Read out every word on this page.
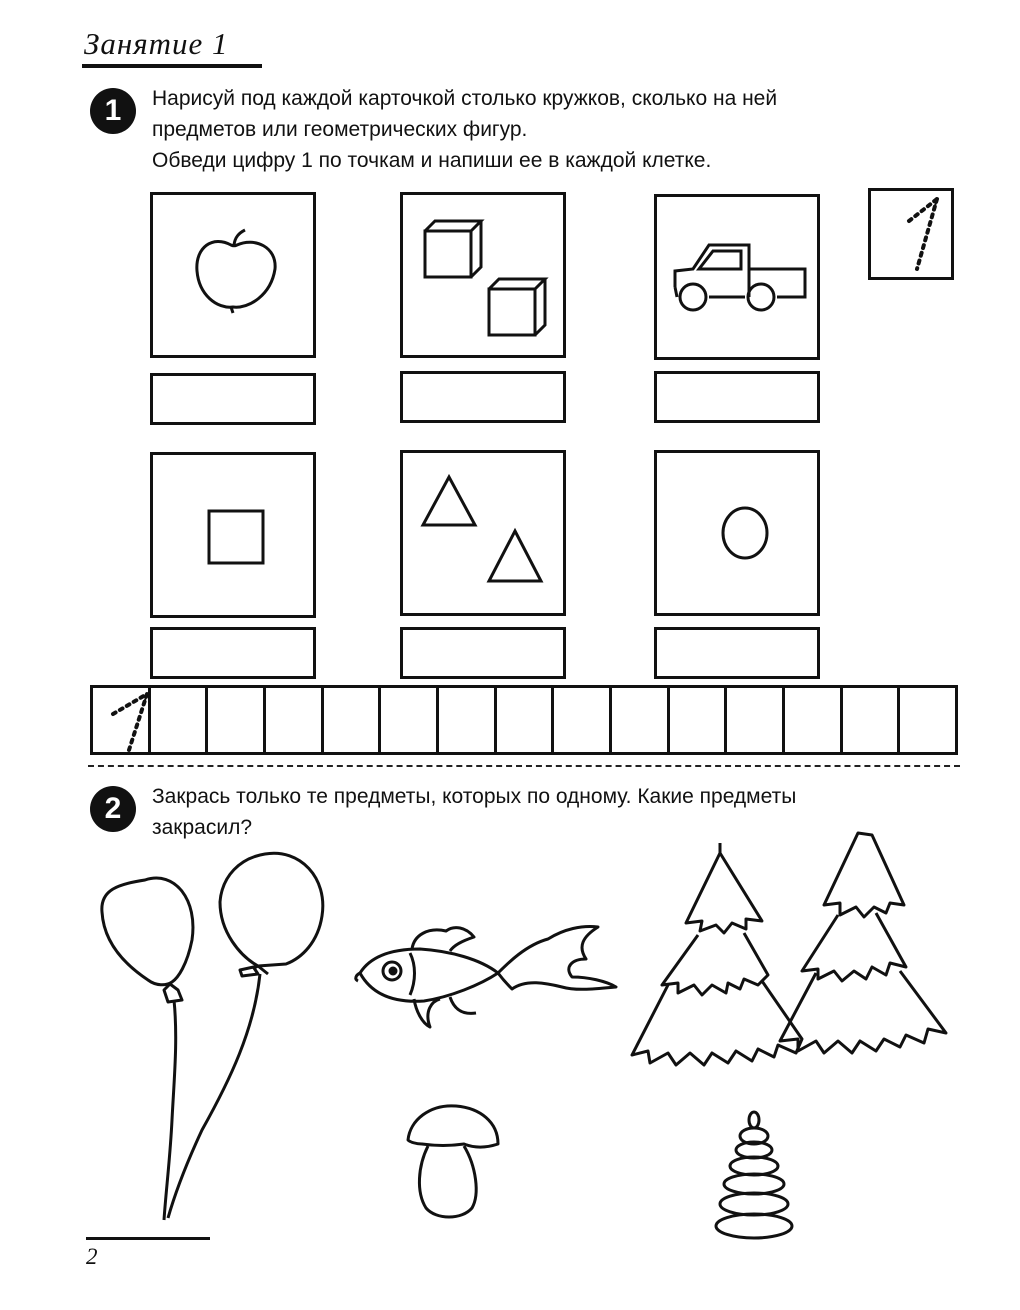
Занятие 1
1	Нарисуй под каждой карточкой столько кружков, сколько на ней
предметов или геометрических фигур.
Обведи цифру 1 по точкам и напиши ее в каждой клетке.
2	Закрась только те предметы, которых по одному. Какие предметы
закрасил?
2
